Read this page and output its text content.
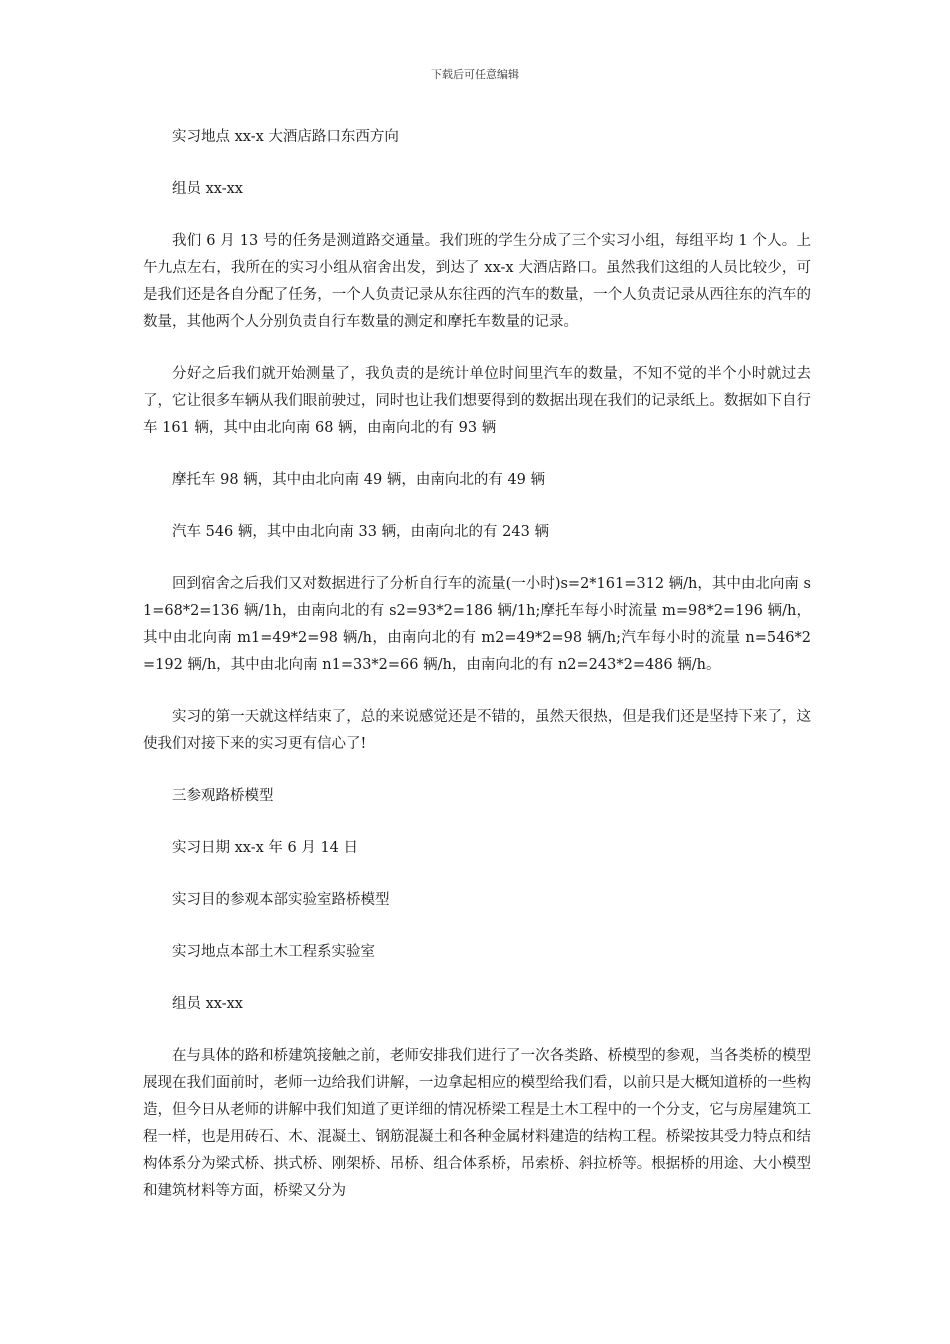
下载后可任意编辑

实习地点 xx-x 大酒店路口东西方向

组员 xx-xx

我们 6 月 13 号的任务是测道路交通量。我们班的学生分成了三个实习小组，每组平均 1 个人。上午九点左右，我所在的实习小组从宿舍出发，到达了 xx-x 大酒店路口。虽然我们这组的人员比较少，可是我们还是各自分配了任务，一个人负责记录从东往西的汽车的数量，一个人负责记录从西往东的汽车的数量，其他两个人分别负责自行车数量的测定和摩托车数量的记录。

分好之后我们就开始测量了，我负责的是统计单位时间里汽车的数量，不知不觉的半个小时就过去了，它让很多车辆从我们眼前驶过，同时也让我们想要得到的数据出现在我们的记录纸上。数据如下自行车 161 辆，其中由北向南 68 辆，由南向北的有 93 辆

摩托车 98 辆，其中由北向南 49 辆，由南向北的有 49 辆

汽车 546 辆，其中由北向南 33 辆，由南向北的有 243 辆

回到宿舍之后我们又对数据进行了分析自行车的流量(一小时)s=2*161=312 辆/h，其中由北向南 s1=68*2=136 辆/1h，由南向北的有 s2=93*2=186 辆/1h;摩托车每小时流量 m=98*2=196 辆/h，其中由北向南 m1=49*2=98 辆/h，由南向北的有 m2=49*2=98 辆/h;汽车每小时的流量 n=546*2=192 辆/h，其中由北向南 n1=33*2=66 辆/h，由南向北的有 n2=243*2=486 辆/h。

实习的第一天就这样结束了，总的来说感觉还是不错的，虽然天很热，但是我们还是坚持下来了，这使我们对接下来的实习更有信心了!

三参观路桥模型

实习日期 xx-x 年 6 月 14 日

实习目的参观本部实验室路桥模型

实习地点本部土木工程系实验室

组员 xx-xx

在与具体的路和桥建筑接触之前，老师安排我们进行了一次各类路、桥模型的参观，当各类桥的模型展现在我们面前时，老师一边给我们讲解，一边拿起相应的模型给我们看，以前只是大概知道桥的一些构造，但今日从老师的讲解中我们知道了更详细的情况桥梁工程是土木工程中的一个分支，它与房屋建筑工程一样，也是用砖石、木、混凝土、钢筋混凝土和各种金属材料建造的结构工程。桥梁按其受力特点和结构体系分为梁式桥、拱式桥、刚架桥、吊桥、组合体系桥，吊索桥、斜拉桥等。根据桥的用途、大小模型和建筑材料等方面，桥梁又分为
